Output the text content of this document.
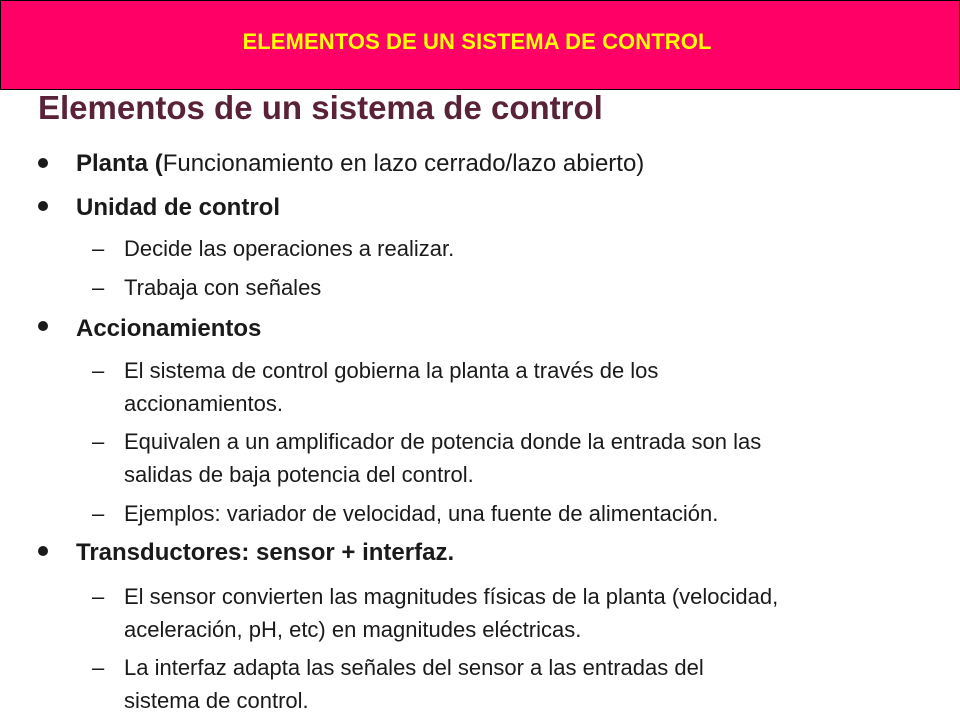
ELEMENTOS DE UN SISTEMA DE CONTROL
Elementos de un sistema de control
Planta (Funcionamiento en lazo cerrado/lazo abierto)
Unidad de control
– Decide las operaciones a realizar.
– Trabaja con señales
Accionamientos
– El sistema de control gobierna la planta a través de los
accionamientos.
– Equivalen a un amplificador de potencia donde la entrada son las
salidas de baja potencia del control.
– Ejemplos: variador de velocidad, una fuente de alimentación.
Transductores: sensor + interfaz.
– El sensor convierten las magnitudes físicas de la planta (velocidad,
aceleración, pH, etc) en magnitudes eléctricas.
– La interfaz adapta las señales del sensor a las entradas del
sistema de control.
